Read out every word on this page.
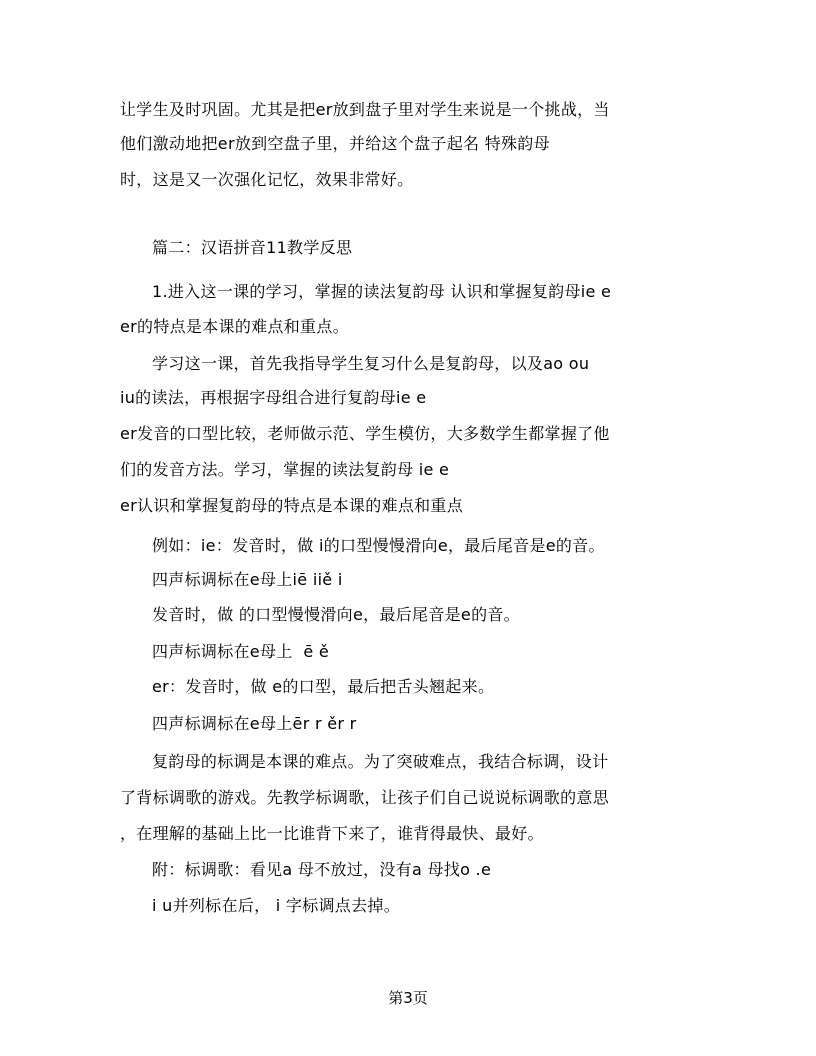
让学生及时巩固。尤其是把er放到盘子里对学生来说是一个挑战，当
他们激动地把er放到空盘子里，并给这个盘子起名 特殊韵母
时，这是又一次强化记忆，效果非常好。
篇二：汉语拼音11教学反思
1.进入这一课的学习，掌握的读法复韵母 认识和掌握复韵母ie e
er的特点是本课的难点和重点。
学习这一课，首先我指导学生复习什么是复韵母，以及ao ou
iu的读法，再根据字母组合进行复韵母ie e
er发音的口型比较，老师做示范、学生模仿，大多数学生都掌握了他
们的发音方法。学习，掌握的读法复韵母 ie e
er认识和掌握复韵母的特点是本课的难点和重点
例如：ie：发音时，做 i的口型慢慢滑向e，最后尾音是e的音。
四声标调标在e母上iē iiě i
发音时，做 的口型慢慢滑向e，最后尾音是e的音。
四声标调标在e母上  ē ě
er：发音时，做 e的口型，最后把舌头翘起来。
四声标调标在e母上ēr r ěr r
复韵母的标调是本课的难点。为了突破难点，我结合标调，设计
了背标调歌的游戏。先教学标调歌，让孩子们自己说说标调歌的意思
，在理解的基础上比一比谁背下来了，谁背得最快、最好。
附：标调歌：看见a 母不放过，没有a 母找o .e
i u并列标在后， i 字标调点去掉。
第3页
